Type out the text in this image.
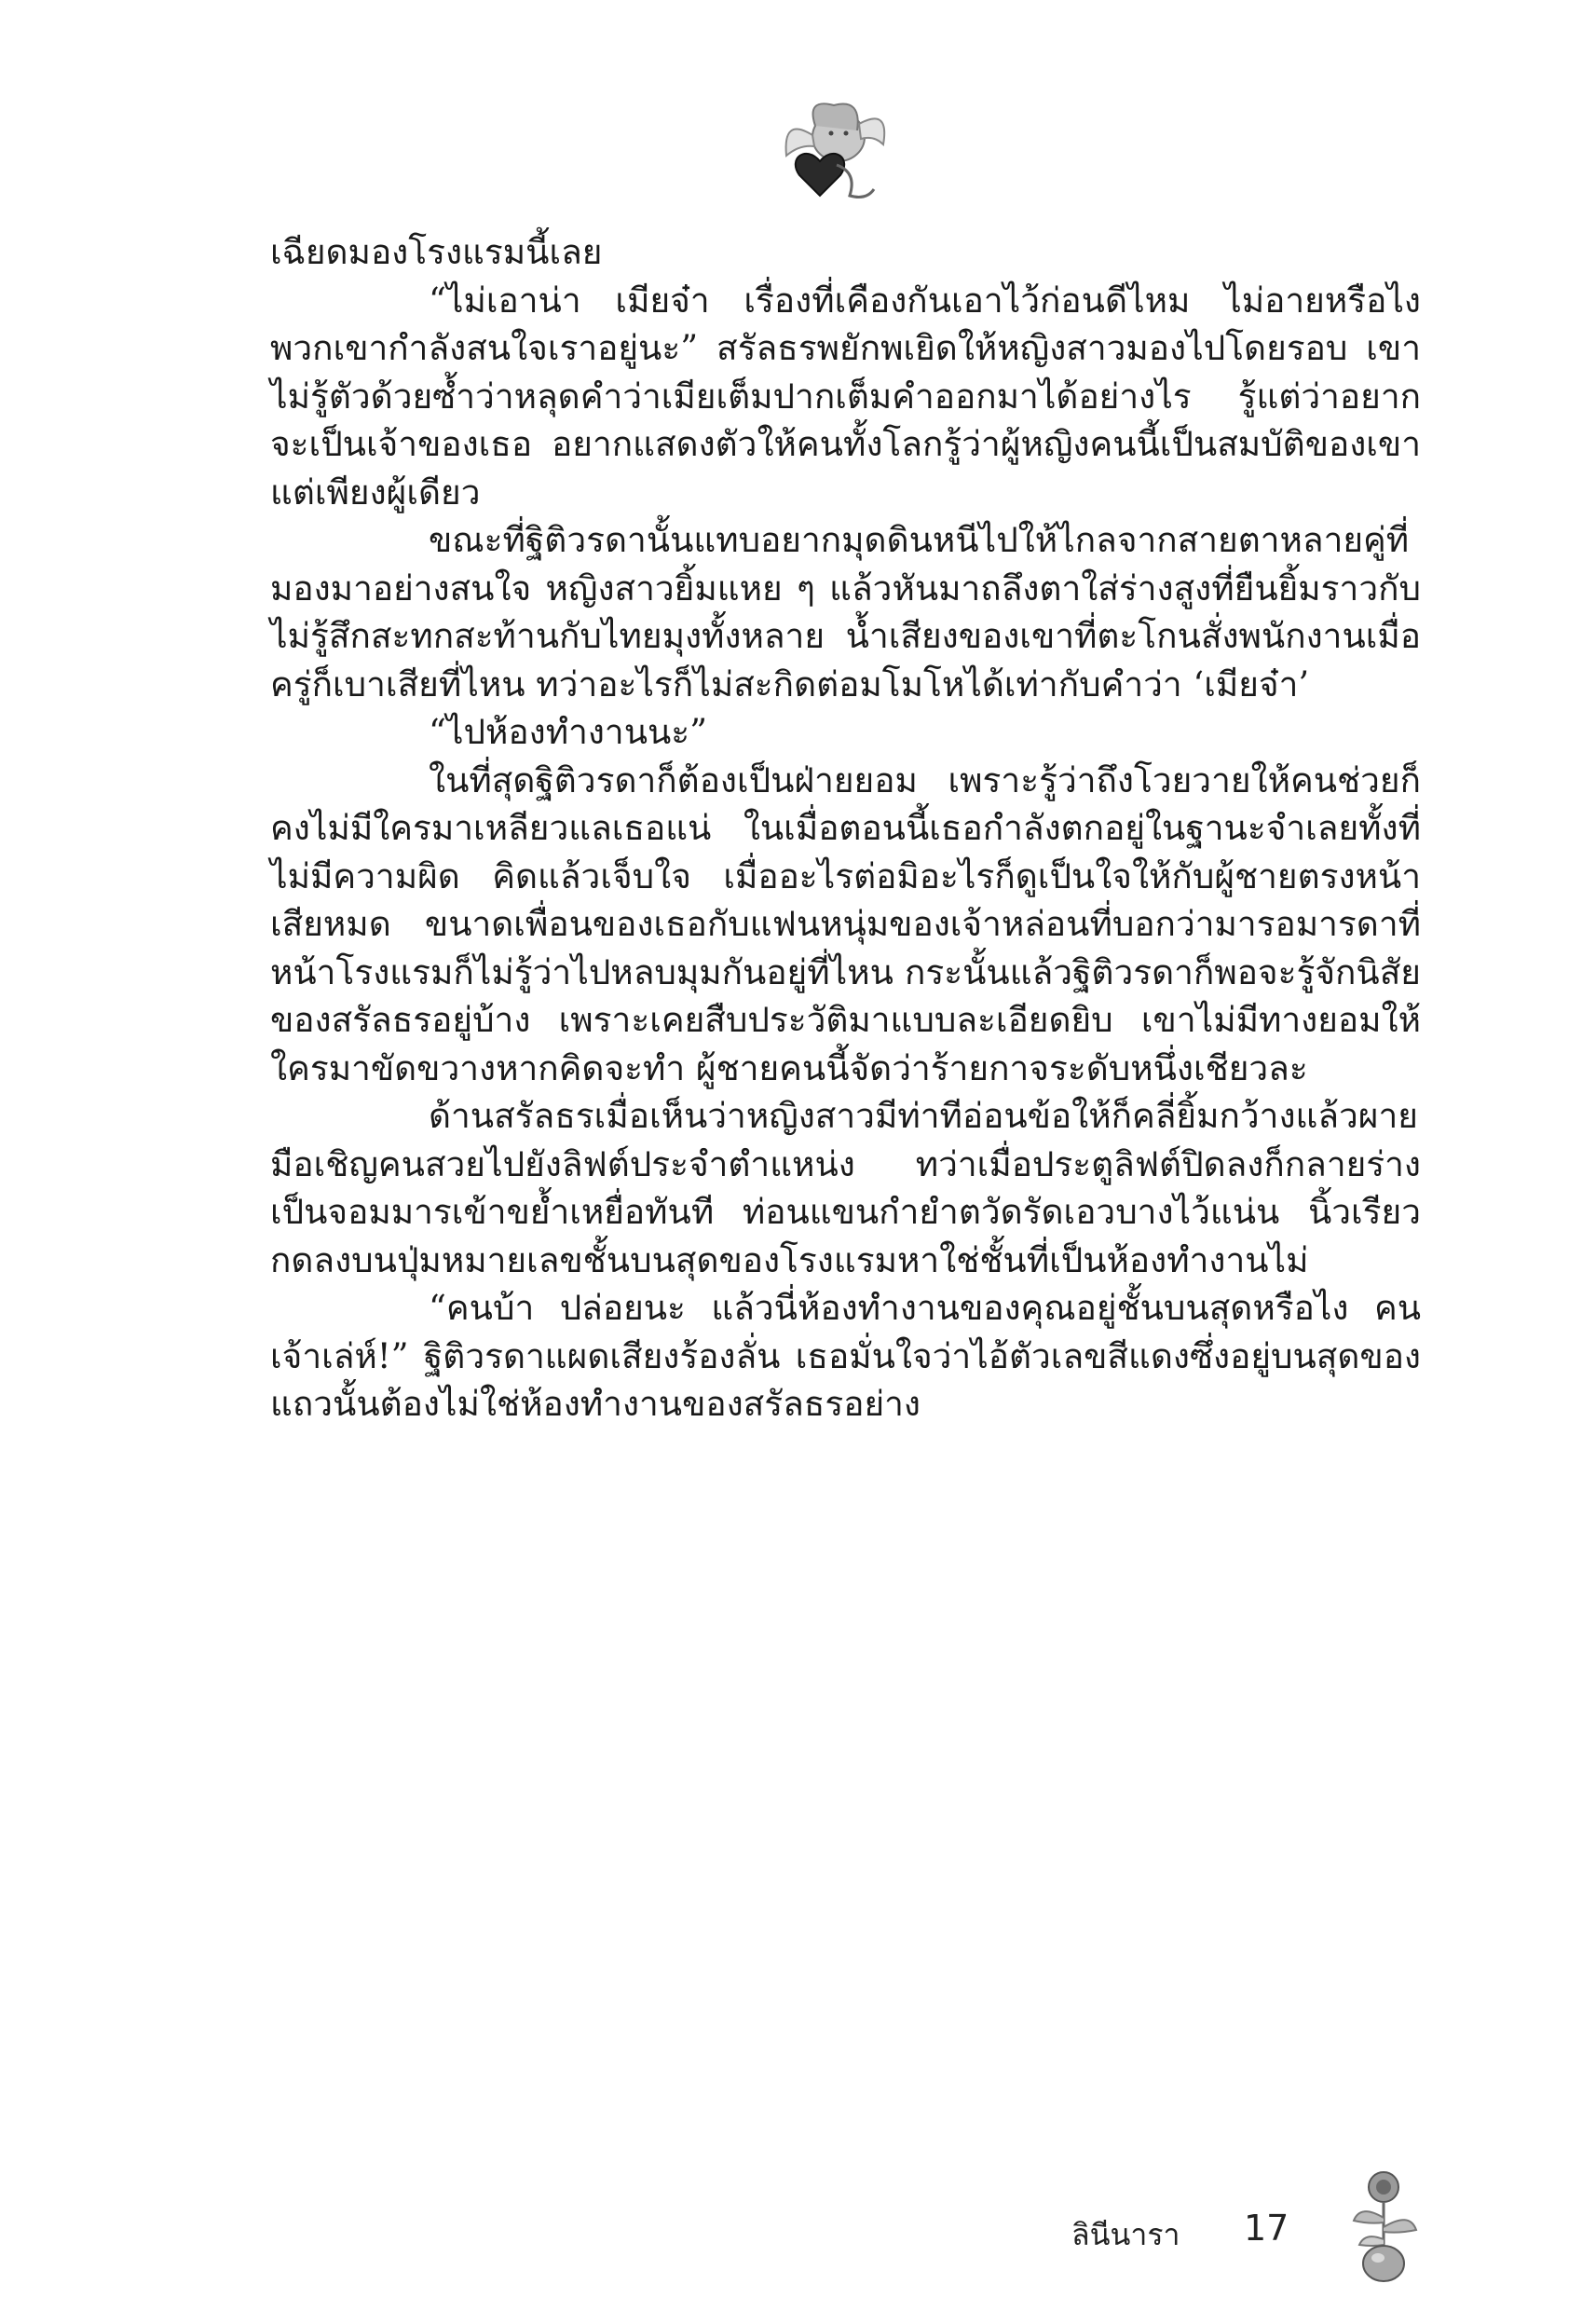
เฉียดมองโรงแรมนี้เลย

“ไม่เอาน่า เมียจ๋า เรื่องที่เคืองกันเอาไว้ก่อนดีไหม ไม่อายหรือไง พวกเขากำลังสนใจเราอยู่นะ” สรัลธรพยักพเยิดให้หญิงสาวมองไปโดยรอบ เขาไม่รู้ตัวด้วยซ้ำว่าหลุดคำว่าเมียเต็มปากเต็มคำออกมาได้อย่างไร รู้แต่ว่าอยากจะเป็นเจ้าของเธอ อยากแสดงตัวให้คนทั้งโลกรู้ว่าผู้หญิงคนนี้เป็นสมบัติของเขาแต่เพียงผู้เดียว

ขณะที่ฐิติวรดานั้นแทบอยากมุดดินหนีไปให้ไกลจากสายตาหลายคู่ที่มองมาอย่างสนใจ หญิงสาวยิ้มแหย ๆ แล้วหันมาถลึงตาใส่ร่างสูงที่ยืนยิ้มราวกับไม่รู้สึกสะทกสะท้านกับไทยมุงทั้งหลาย น้ำเสียงของเขาที่ตะโกนสั่งพนักงานเมื่อครู่ก็เบาเสียที่ไหน ทว่าอะไรก็ไม่สะกิดต่อมโมโหได้เท่ากับคำว่า ‘เมียจ๋า’

“ไปห้องทำงานนะ”

ในที่สุดฐิติวรดาก็ต้องเป็นฝ่ายยอม เพราะรู้ว่าถึงโวยวายให้คนช่วยก็คงไม่มีใครมาเหลียวแลเธอแน่ ในเมื่อตอนนี้เธอกำลังตกอยู่ในฐานะจำเลยทั้งที่ไม่มีความผิด คิดแล้วเจ็บใจ เมื่ออะไรต่อมิอะไรก็ดูเป็นใจให้กับผู้ชายตรงหน้าเสียหมด ขนาดเพื่อนของเธอกับแฟนหนุ่มของเจ้าหล่อนที่บอกว่ามารอมารดาที่หน้าโรงแรมก็ไม่รู้ว่าไปหลบมุมกันอยู่ที่ไหน กระนั้นแล้วฐิติวรดาก็พอจะรู้จักนิสัยของสรัลธรอยู่บ้าง เพราะเคยสืบประวัติมาแบบละเอียดยิบ เขาไม่มีทางยอมให้ใครมาขัดขวางหากคิดจะทำ ผู้ชายคนนี้จัดว่าร้ายกาจระดับหนึ่งเชียวละ

ด้านสรัลธรเมื่อเห็นว่าหญิงสาวมีท่าทีอ่อนข้อให้ก็คลี่ยิ้มกว้างแล้วผายมือเชิญคนสวยไปยังลิฟต์ประจำตำแหน่ง ทว่าเมื่อประตูลิฟต์ปิดลงก็กลายร่างเป็นจอมมารเข้าขย้ำเหยื่อทันที ท่อนแขนกำยำตวัดรัดเอวบางไว้แน่น นิ้วเรียวกดลงบนปุ่มหมายเลขชั้นบนสุดของโรงแรมหาใช่ชั้นที่เป็นห้องทำงานไม่

“คนบ้า ปล่อยนะ แล้วนี่ห้องทำงานของคุณอยู่ชั้นบนสุดหรือไง คนเจ้าเล่ห์!” ฐิติวรดาแผดเสียงร้องลั่น เธอมั่นใจว่าไอ้ตัวเลขสีแดงซึ่งอยู่บนสุดของแถวนั้นต้องไม่ใช่ห้องทำงานของสรัลธรอย่าง

ลินีนารา 17
